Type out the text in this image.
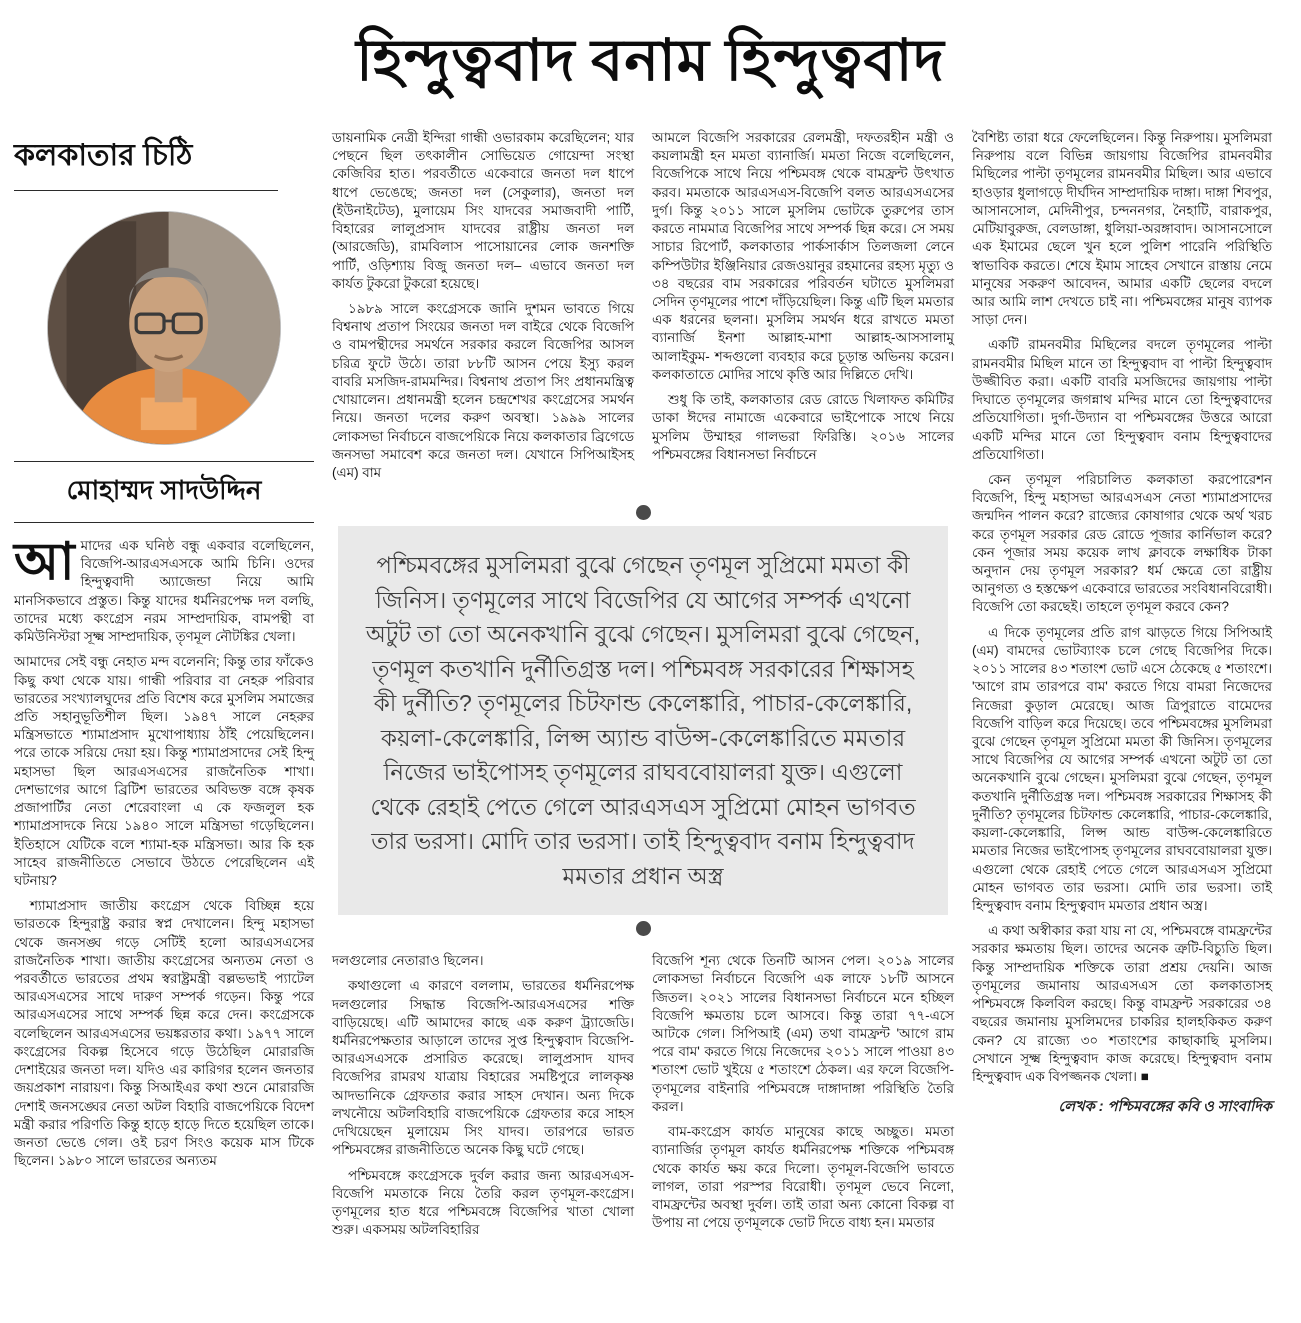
হিন্দুত্ববাদ বনাম হিন্দুত্ববাদ
কলকাতার চিঠি
মোহাম্মদ সাদউদ্দিন

আমাদের এক ঘনিষ্ঠ বন্ধু একবার বলেছিলেন, বিজেপি-আরএসএসকে আমি চিনি। ওদের হিন্দুত্ববাদী অ্যাজেন্ডা নিয়ে আমি মানসিকভাবে প্রস্তুত। কিন্তু যাদের ধর্মনিরপেক্ষ দল বলছি, তাদের মধ্যে কংগ্রেস নরম সাম্প্রদায়িক, বামপন্থী বা কমিউনিস্টরা সূক্ষ্ম সাম্প্রদায়িক, তৃণমূল নৌটঙ্কির খেলা।

আমাদের সেই বন্ধু নেহাত মন্দ বলেননি; কিন্তু তার ফাঁকেও কিছু কথা থেকে যায়। গান্ধী পরিবার বা নেহরু পরিবার ভারতের সংখ্যালঘুদের প্রতি বিশেষ করে মুসলিম সমাজের প্রতি সহানুভূতিশীল ছিল। ১৯৪৭ সালে নেহরুর মন্ত্রিসভাতে শ্যামাপ্রসাদ মুখোপাধ্যায় ঠাঁই পেয়েছিলেন। পরে তাকে সরিয়ে দেয়া হয়। কিন্তু শ্যামাপ্রসাদের সেই হিন্দু মহাসভা ছিল আরএসএসের রাজনৈতিক শাখা। দেশভাগের আগে ব্রিটিশ ভারতের অবিভক্ত বঙ্গে কৃষক প্রজাপার্টির নেতা শেরেবাংলা এ কে ফজলুল হক শ্যামাপ্রসাদকে নিয়ে ১৯৪০ সালে মন্ত্রিসভা গড়েছিলেন। ইতিহাসে যেটিকে বলে শ্যামা-হক মন্ত্রিসভা। আর কি হক সাহেব রাজনীতিতে সেভাবে উঠতে পেরেছিলেন এই ঘটনায়?

শ্যামাপ্রসাদ জাতীয় কংগ্রেস থেকে বিচ্ছিন্ন হয়ে ভারতকে হিন্দুরাষ্ট্র করার স্বপ্ন দেখালেন। হিন্দু মহাসভা থেকে জনসঙ্ঘ গড়ে সেটিই হলো আরএসএসের রাজনৈতিক শাখা। জাতীয় কংগ্রেসের অন্যতম নেতা ও পরবর্তীতে ভারতের প্রথম স্বরাষ্ট্রমন্ত্রী বল্লভভাই প্যাটেল আরএসএসের সাথে দারুণ সম্পর্ক গড়েন। কিন্তু পরে আরএসএসের সাথে সম্পর্ক ছিন্ন করে দেন। কংগ্রেসকে বলেছিলেন আরএসএসের ভয়ঙ্করতার কথা। ১৯৭৭ সালে কংগ্রেসের বিকল্প হিসেবে গড়ে উঠেছিল মোরারজি দেশাইয়ের জনতা দল। যদিও এর কারিগর হলেন জনতার জয়প্রকাশ নারায়ণ। কিন্তু সিআইএর কথা শুনে মোরারজি দেশাই জনসঙ্ঘের নেতা অটল বিহারি বাজপেয়িকে বিদেশ মন্ত্রী করার পরিণতি কিন্তু হাড়ে হাড়ে দিতে হয়েছিল তাকে। জনতা ভেঙে গেল। ওই চরণ সিংও কয়েক মাস টিকে ছিলেন। ১৯৮০ সালে ভারতের অন্যতম

ডায়নামিক নেত্রী ইন্দিরা গান্ধী ওভারকাম করেছিলেন; যার পেছনে ছিল তৎকালীন সোভিয়েত গোয়েন্দা সংস্থা কেজিবির হাত। পরবর্তীতে একেবারে জনতা দল ধাপে ধাপে ভেঙেছে; জনতা দল (সেকুলার), জনতা দল (ইউনাইটেড), মুলায়েম সিং যাদবের সমাজবাদী পার্টি, বিহারের লালুপ্রসাদ যাদবের রাষ্ট্রীয় জনতা দল (আরজেডি), রামবিলাস পাসোয়ানের লোক জনশক্তি পার্টি, ওড়িশ্যায় বিজু জনতা দল– এভাবে জনতা দল কার্যত টুকরো টুকরো হয়েছে।

১৯৮৯ সালে কংগ্রেসকে জানি দুশমন ভাবতে গিয়ে বিশ্বনাথ প্রতাপ সিংয়ের জনতা দল বাইরে থেকে বিজেপি ও বামপন্থীদের সমর্থনে সরকার করলে বিজেপির আসল চরিত্র ফুটে উঠে। তারা ৮৮টি আসন পেয়ে ইস্যু করল বাবরি মসজিদ-রামমন্দির। বিশ্বনাথ প্রতাপ সিং প্রধানমন্ত্রিত্ব খোয়ালেন। প্রধানমন্ত্রী হলেন চন্দ্রশেখর কংগ্রেসের সমর্থন নিয়ে। জনতা দলের করুণ অবস্থা। ১৯৯৯ সালের লোকসভা নির্বাচনে বাজপেয়িকে নিয়ে কলকাতার ব্রিগেডে জনসভা সমাবেশ করে জনতা দল। যেখানে সিপিআইসহ (এম) বাম

আমলে বিজেপি সরকারের রেলমন্ত্রী, দফতরহীন মন্ত্রী ও কয়লামন্ত্রী হন মমতা ব্যানার্জি। মমতা নিজে বলেছিলেন, বিজেপিকে সাথে নিয়ে পশ্চিমবঙ্গ থেকে বামফ্রন্ট উৎখাত করব। মমতাকে আরএসএস-বিজেপি বলত আরএসএসের দুর্গ। কিন্তু ২০১১ সালে মুসলিম ভোটকে তুরুপের তাস করতে নামমাত্র বিজেপির সাথে সম্পর্ক ছিন্ন করে। সে সময় সাচার রিপোর্ট, কলকাতার পার্কসার্কাস তিলজলা লেনে কম্পিউটার ইঞ্জিনিয়ার রেজওয়ানুর রহমানের রহস্য মৃত্যু ও ৩৪ বছরের বাম সরকারের পরিবর্তন ঘটাতে মুসলিমরা সেদিন তৃণমূলের পাশে দাঁড়িয়েছিল। কিন্তু এটি ছিল মমতার এক ধরনের ছলনা। মুসলিম সমর্থন ধরে রাখতে মমতা ব্যানার্জি ইনশা আল্লাহ-মাশা আল্লাহ-আসসালামু আলাইকুম- শব্দগুলো ব্যবহার করে চূড়ান্ত অভিনয় করেন। কলকাতাতে মোদির সাথে কৃত্তি আর দিল্লিতে দেখি।

শুধু কি তাই, কলকাতার রেড রোডে খিলাফত কমিটির ডাকা ঈদের নামাজে একেবারে ভাইপোকে সাথে নিয়ে মুসলিম উম্মাহর গালভরা ফিরিস্তি। ২০১৬ সালের পশ্চিমবঙ্গের বিধানসভা নির্বাচনে

পশ্চিমবঙ্গের মুসলিমরা বুঝে গেছেন তৃণমূল সুপ্রিমো মমতা কী জিনিস। তৃণমূলের সাথে বিজেপির যে আগের সম্পর্ক এখনো অটুট তা তো অনেকখানি বুঝে গেছেন। মুসলিমরা বুঝে গেছেন, তৃণমূল কতখানি দুর্নীতিগ্রস্ত দল। পশ্চিমবঙ্গ সরকারের শিক্ষাসহ কী দুর্নীতি? তৃণমূলের চিটফান্ড কেলেঙ্কারি, পাচার-কেলেঙ্কারি, কয়লা-কেলেঙ্কারি, লিপ্স অ্যান্ড বাউন্স-কেলেঙ্কারিতে মমতার নিজের ভাইপোসহ তৃণমূলের রাঘববোয়ালরা যুক্ত। এগুলো থেকে রেহাই পেতে গেলে আরএসএস সুপ্রিমো মোহন ভাগবত তার ভরসা। মোদি তার ভরসা। তাই হিন্দুত্ববাদ বনাম হিন্দুত্ববাদ মমতার প্রধান অস্ত্র

দলগুলোর নেতারাও ছিলেন।

কথাগুলো এ কারণে বললাম, ভারতের ধর্মনিরপেক্ষ দলগুলোর সিদ্ধান্ত বিজেপি-আরএসএসের শক্তি বাড়িয়েছে। এটি আমাদের কাছে এক করুণ ট্র্যাজেডি। ধর্মনিরপেক্ষতার আড়ালে তাদের সুপ্ত হিন্দুত্ববাদ বিজেপি-আরএসএসকে প্রসারিত করেছে। লালুপ্রসাদ যাদব বিজেপির রামরথ যাত্রায় বিহারের সমষ্টিপুরে লালকৃষ্ণ আদভানিকে গ্রেফতার করার সাহস দেখান। অন্য দিকে লখনৌয়ে অটলবিহারি বাজপেয়িকে গ্রেফতার করে সাহস দেখিয়েছেন মুলায়েম সিং যাদব। তারপরে ভারত পশ্চিমবঙ্গের রাজনীতিতে অনেক কিছু ঘটে গেছে।

পশ্চিমবঙ্গে কংগ্রেসকে দুর্বল করার জন্য আরএসএস-বিজেপি মমতাকে নিয়ে তৈরি করল তৃণমূল-কংগ্রেস। তৃণমূলের হাত ধরে পশ্চিমবঙ্গে বিজেপির খাতা খোলা শুরু। একসময় অটলবিহারির

বিজেপি শূন্য থেকে তিনটি আসন পেল। ২০১৯ সালের লোকসভা নির্বাচনে বিজেপি এক লাফে ১৮টি আসনে জিতল। ২০২১ সালের বিধানসভা নির্বাচনে মনে হচ্ছিল বিজেপি ক্ষমতায় চলে আসবে। কিন্তু তারা ৭৭-এসে আটকে গেল। সিপিআই (এম) তথা বামফ্রন্ট 'আগে রাম পরে বাম' করতে গিয়ে নিজেদের ২০১১ সালে পাওয়া ৪৩ শতাংশ ভোট খুইয়ে ৫ শতাংশে ঠেকল। এর ফলে বিজেপি-তৃণমূলের বাইনারি পশ্চিমবঙ্গে দাঙ্গাদাঙ্গা পরিস্থিতি তৈরি করল।

বাম-কংগ্রেস কার্যত মানুষের কাছে অচ্ছুত। মমতা ব্যানার্জির তৃণমূল কার্যত ধর্মনিরপেক্ষ শক্তিকে পশ্চিমবঙ্গ থেকে কার্যত ক্ষয় করে দিলো। তৃণমূল-বিজেপি ভাবতে লাগল, তারা পরস্পর বিরোধী। তৃণমূল ভেবে নিলো, বামফ্রন্টের অবস্থা দুর্বল। তাই তারা অন্য কোনো বিকল্প বা উপায় না পেয়ে তৃণমূলকে ভোট দিতে বাধ্য হন। মমতার

বৈশিষ্ট্য তারা ধরে ফেলেছিলেন। কিন্তু নিরুপায়। মুসলিমরা নিরুপায় বলে বিভিন্ন জায়গায় বিজেপির রামনবমীর মিছিলের পাল্টা তৃণমূলের রামনবমীর মিছিল। আর এভাবে হাওড়ার ধুলাগড়ে দীর্ঘদিন সাম্প্রদায়িক দাঙ্গা। দাঙ্গা শিবপুর, আসানসোল, মেদিনীপুর, চন্দননগর, নৈহাটি, বারাকপুর, মেটিয়াবুরুজ, বেলডাঙ্গা, ধুলিয়া-অরঙ্গাবাদ। আসানসোলে এক ইমামের ছেলে খুন হলে পুলিশ পারেনি পরিস্থিতি স্বাভাবিক করতে। শেষে ইমাম সাহেব সেখানে রাস্তায় নেমে মানুষের সকরুণ আবেদন, আমার একটি ছেলের বদলে আর আমি লাশ দেখতে চাই না। পশ্চিমবঙ্গের মানুষ ব্যাপক সাড়া দেন।

একটি রামনবমীর মিছিলের বদলে তৃণমূলের পাল্টা রামনবমীর মিছিল মানে তা হিন্দুত্ববাদ বা পাল্টা হিন্দুত্ববাদ উজ্জীবিত করা। একটি বাবরি মসজিদের জায়গায় পাল্টা দিঘাতে তৃণমূলের জগন্নাথ মন্দির মানে তো হিন্দুত্ববাদের প্রতিযোগিতা। দুর্গা-উদ্যান বা পশ্চিমবঙ্গের উত্তরে আরো একটি মন্দির মানে তো হিন্দুত্ববাদ বনাম হিন্দুত্ববাদের প্রতিযোগিতা।

কেন তৃণমূল পরিচালিত কলকাতা করপোরেশন বিজেপি, হিন্দু মহাসভা আরএসএস নেতা শ্যামাপ্রসাদের জন্মদিন পালন করে? রাজ্যের কোষাগার থেকে অর্থ খরচ করে তৃণমূল সরকার রেড রোডে পূজার কার্নিভাল করে? কেন পূজার সময় কয়েক লাখ ক্লাবকে লক্ষাধিক টাকা অনুদান দেয় তৃণমূল সরকার? ধর্ম ক্ষেত্রে তো রাষ্ট্রীয় আনুগত্য ও হস্তক্ষেপ একেবারে ভারতের সংবিধানবিরোধী। বিজেপি তো করছেই। তাহলে তৃণমূল করবে কেন?

এ দিকে তৃণমূলের প্রতি রাগ ঝাড়তে গিয়ে সিপিআই (এম) বামদের ভোটব্যাংক চলে গেছে বিজেপির দিকে। ২০১১ সালের ৪৩ শতাংশ ভোট এসে ঠেকেছে ৫ শতাংশে। 'আগে রাম তারপরে বাম' করতে গিয়ে বামরা নিজেদের নিজেরা কুড়াল মেরেছে। আজ ত্রিপুরাতে বামেদের বিজেপি বাড়িল করে দিয়েছে। তবে পশ্চিমবঙ্গের মুসলিমরা বুঝে গেছেন তৃণমূল সুপ্রিমো মমতা কী জিনিস। তৃণমূলের সাথে বিজেপির যে আগের সম্পর্ক এখনো অটুট তা তো অনেকখানি বুঝে গেছেন। মুসলিমরা বুঝে গেছেন, তৃণমূল কতখানি দুর্নীতিগ্রস্ত দল। পশ্চিমবঙ্গ সরকারের শিক্ষাসহ কী দুর্নীতি? তৃণমূলের চিটফান্ড কেলেঙ্কারি, পাচার-কেলেঙ্কারি, কয়লা-কেলেঙ্কারি, লিপ্স আন্ড বাউন্স-কেলেঙ্কারিতে মমতার নিজের ভাইপোসহ তৃণমূলের রাঘববোয়ালরা যুক্ত। এগুলো থেকে রেহাই পেতে গেলে আরএসএস সুপ্রিমো মোহন ভাগবত তার ভরসা। মোদি তার ভরসা। তাই হিন্দুত্ববাদ বনাম হিন্দুত্ববাদ মমতার প্রধান অস্ত্র।

এ কথা অস্বীকার করা যায় না যে, পশ্চিমবঙ্গে বামফ্রন্টের সরকার ক্ষমতায় ছিল। তাদের অনেক ত্রুটি-বিচ্যুতি ছিল। কিন্তু সাম্প্রদায়িক শক্তিকে তারা প্রশ্রয় দেয়নি। আজ তৃণমূলের জমানায় আরএসএস তো কলকাতাসহ পশ্চিমবঙ্গে কিলবিল করছে। কিন্তু বামফ্রন্ট সরকারের ৩৪ বছরের জমানায় মুসলিমদের চাকরির হালহকিকত করুণ কেন? যে রাজ্যে ৩০ শতাংশের কাছাকাছি মুসলিম। সেখানে সূক্ষ্ম হিন্দুত্ববাদ কাজ করেছে। হিন্দুত্ববাদ বনাম হিন্দুত্ববাদ এক বিপজ্জনক খেলা। ■

লেখক : পশ্চিমবঙ্গের কবি ও সাংবাদিক
